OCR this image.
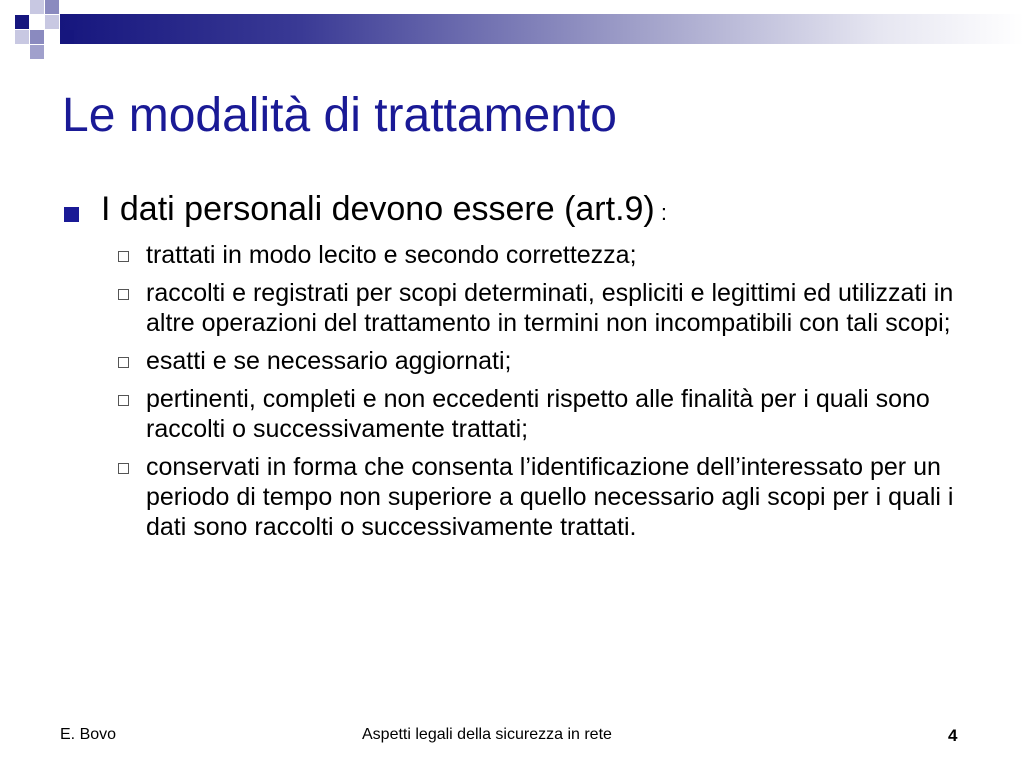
Le modalità di trattamento
I dati personali devono essere (art.9) :
trattati in modo lecito e secondo correttezza;
raccolti e registrati per scopi determinati, espliciti e legittimi ed utilizzati in altre operazioni del trattamento in termini non incompatibili con tali scopi;
esatti e se necessario aggiornati;
pertinenti, completi e non eccedenti rispetto alle finalità per i quali sono raccolti o successivamente trattati;
conservati in forma che consenta l’identificazione dell’interessato per un periodo di tempo non superiore a quello necessario agli scopi per i quali i dati sono raccolti o successivamente trattati.
E. Bovo	Aspetti legali della sicurezza in rete	4
